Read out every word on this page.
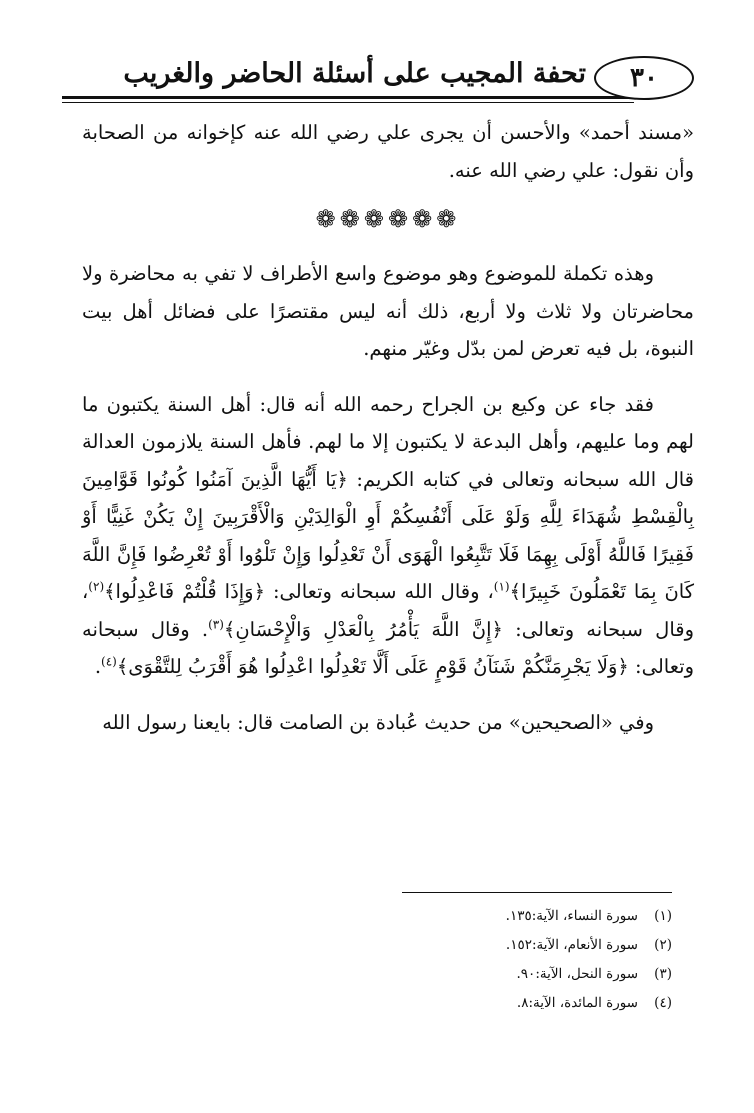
٣٠
تحفة المجيب على أسئلة الحاضر والغريب

«مسند أحمد» والأحسن أن يجرى علي رضي الله عنه كإخوانه من الصحابة وأن نقول: علي رضي الله عنه.

❁❁❁❁❁❁

وهذه تكملة للموضوع وهو موضوع واسع الأطراف لا تفي به محاضرة ولا محاضرتان ولا ثلاث ولا أربع، ذلك أنه ليس مقتصرًا على فضائل أهل بيت النبوة، بل فيه تعرض لمن بدّل وغيّر منهم.

فقد جاء عن وكيع بن الجراح رحمه الله أنه قال: أهل السنة يكتبون ما لهم وما عليهم، وأهل البدعة لا يكتبون إلا ما لهم. فأهل السنة يلازمون العدالة قال الله سبحانه وتعالى في كتابه الكريم: ﴿يَا أَيُّهَا الَّذِينَ آمَنُوا كُونُوا قَوَّامِينَ بِالْقِسْطِ شُهَدَاءَ لِلَّهِ وَلَوْ عَلَى أَنْفُسِكُمْ أَوِ الْوَالِدَيْنِ وَالْأَقْرَبِينَ إِنْ يَكُنْ غَنِيًّا أَوْ فَقِيرًا فَاللَّهُ أَوْلَى بِهِمَا فَلَا تَتَّبِعُوا الْهَوَى أَنْ تَعْدِلُوا وَإِنْ تَلْوُوا أَوْ تُعْرِضُوا فَإِنَّ اللَّهَ كَانَ بِمَا تَعْمَلُونَ خَبِيرًا﴾$^{(١)}$، وقال الله سبحانه وتعالى: ﴿وَإِذَا قُلْتُمْ فَاعْدِلُوا﴾$^{(٢)}$، وقال سبحانه وتعالى: ﴿إِنَّ اللَّهَ يَأْمُرُ بِالْعَدْلِ وَالْإِحْسَانِ﴾$^{(٣)}$. وقال سبحانه وتعالى: ﴿وَلَا يَجْرِمَنَّكُمْ شَنَآنُ قَوْمٍ عَلَى أَلَّا تَعْدِلُوا اعْدِلُوا هُوَ أَقْرَبُ لِلتَّقْوَى﴾$^{(٤)}$.

وفي «الصحيحين» من حديث عُبادة بن الصامت قال: بايعنا رسول الله

(١)
سورة النساء، الآية:١٣٥.
(٢)
سورة الأنعام، الآية:١٥٢.
(٣)
سورة النحل، الآية:٩٠.
(٤)
سورة المائدة، الآية:٨.
